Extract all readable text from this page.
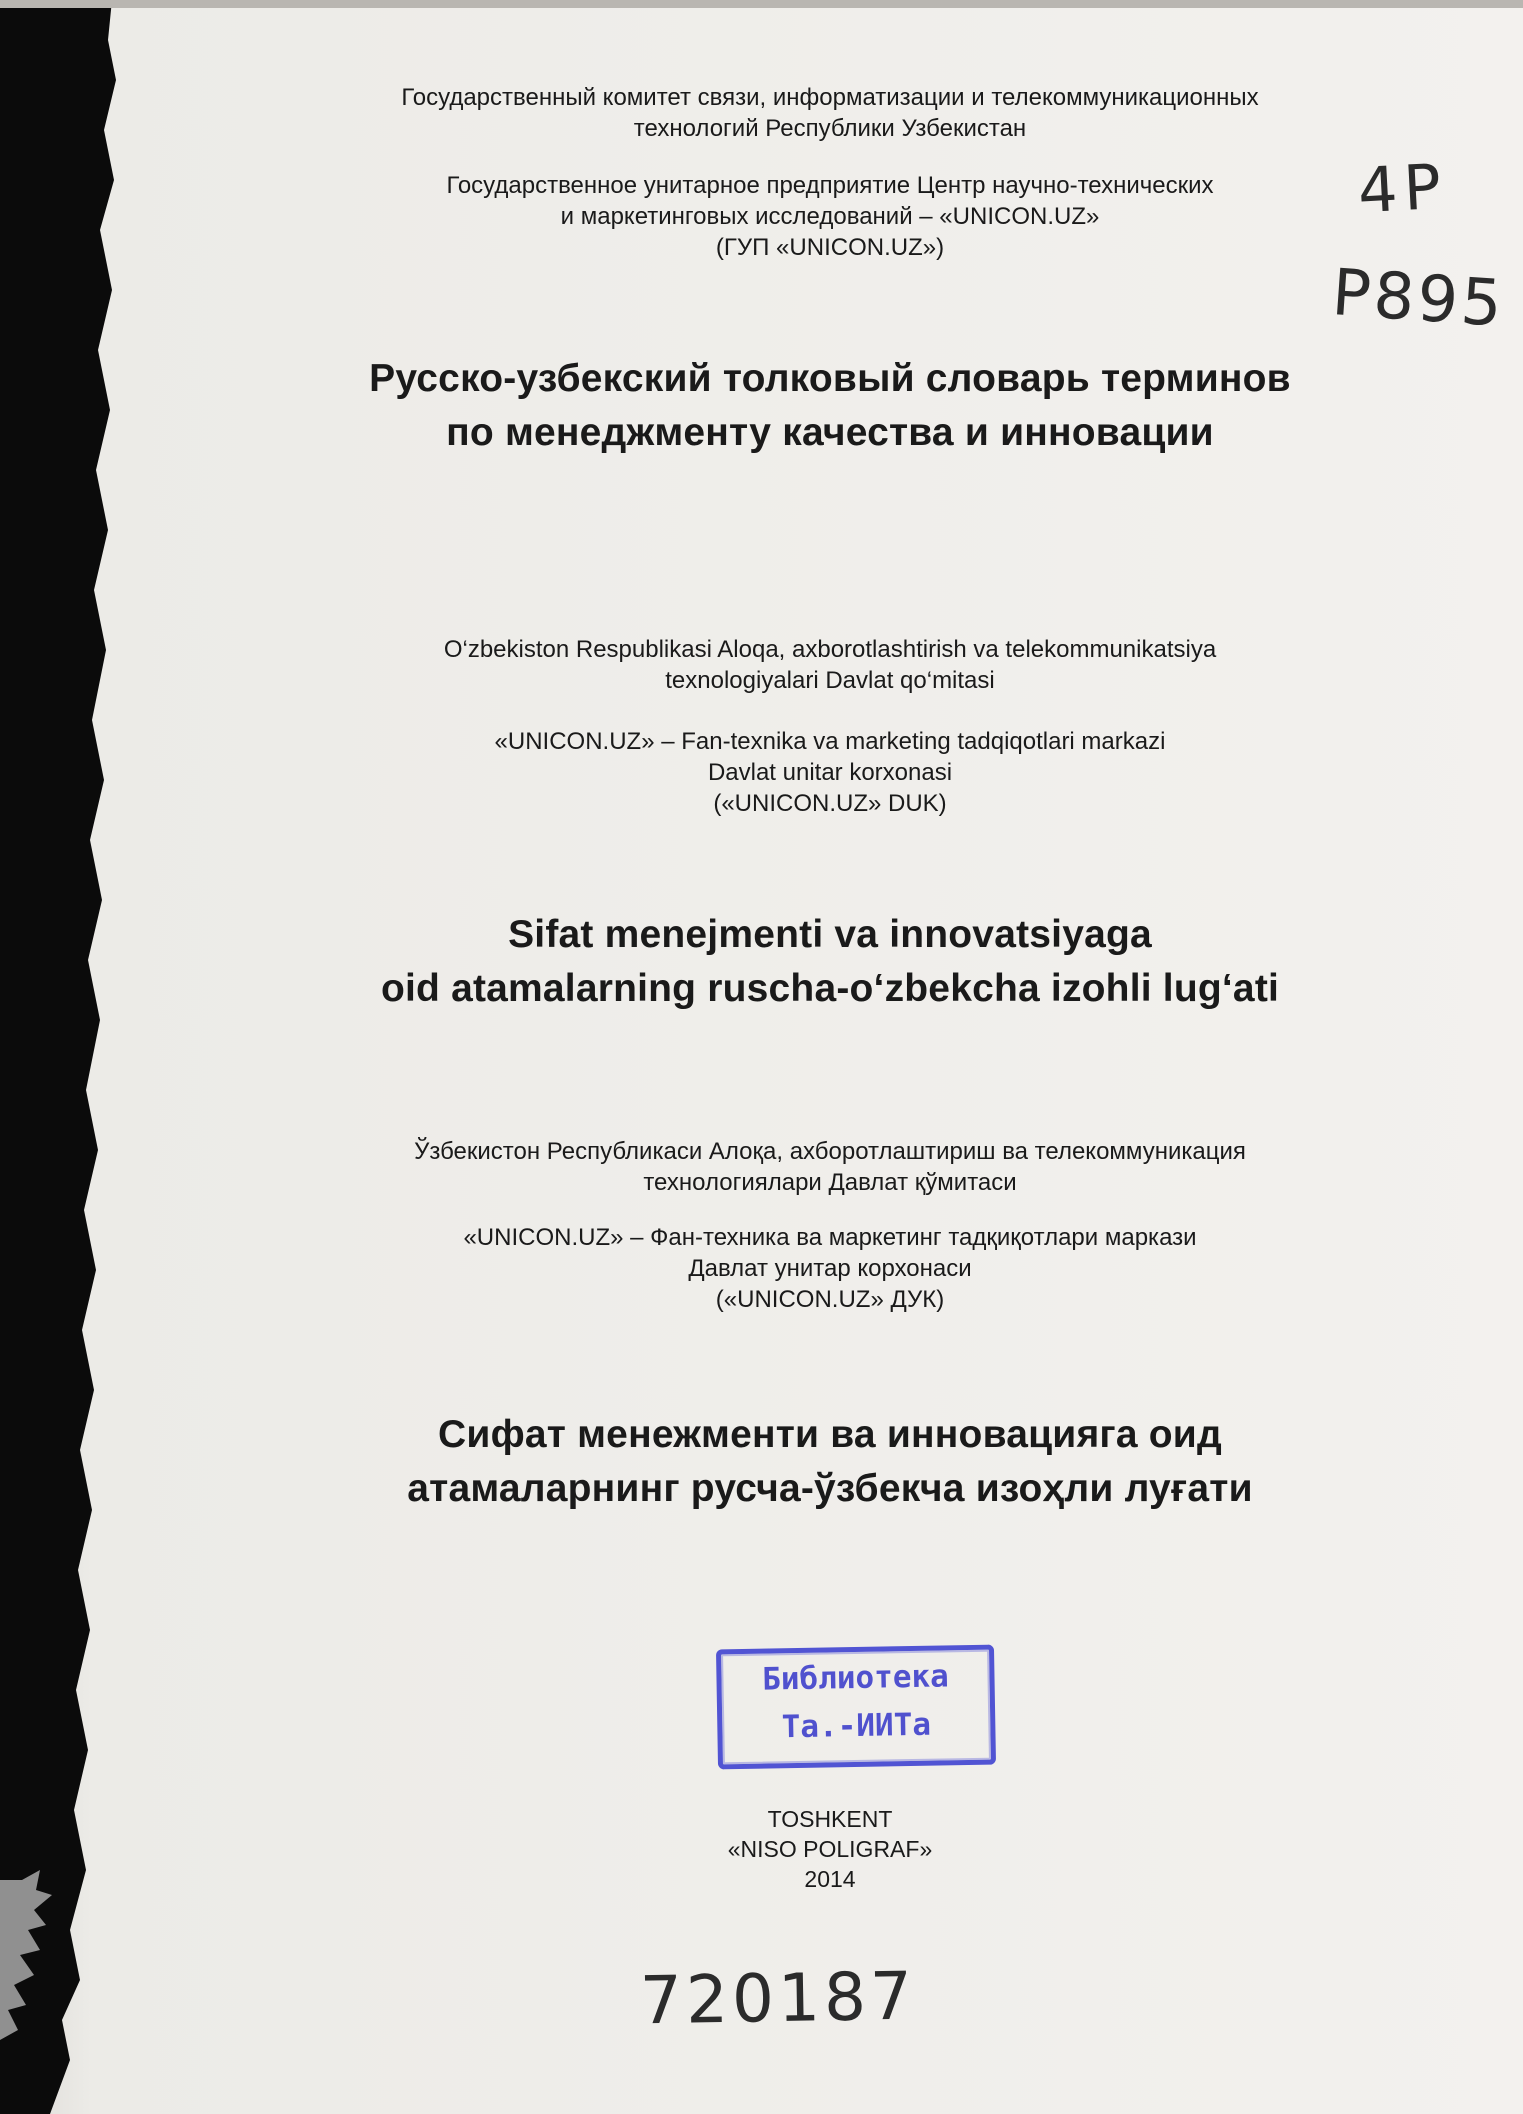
Государственный комитет связи, информатизации и телекоммуникационных
технологий Республики Узбекистан
Государственное унитарное предприятие Центр научно-технических
и маркетинговых исследований – «UNICON.UZ»
(ГУП «UNICON.UZ»)
Русско-узбекский толковый словарь терминов
по менеджменту качества и инновации
O‘zbekiston Respublikasi Aloqa, axborotlashtirish va telekommunikatsiya
texnologiyalari Davlat qo‘mitasi
«UNICON.UZ» – Fan-texnika va marketing tadqiqotlari markazi
Davlat unitar korxonasi
(«UNICON.UZ» DUK)
Sifat menejmenti va innovatsiyaga
oid atamalarning ruscha-o‘zbekcha izohli lug‘ati
Ўзбекистон Республикаси Алоқа, ахборотлаштириш ва телекоммуникация
технологиялари Давлат қўмитаси
«UNICON.UZ» – Фан-техника ва маркетинг тадқиқотлари маркази
Давлат унитар корхонаси
(«UNICON.UZ» ДУК)
Сифат менежменти ва инновацияга оид
атамаларнинг русча-ўзбекча изоҳли луғати
Библиотека
Та.-ИИТа
TOSHKENT
«NISO POLIGRAF»
2014
4P
P895
720187
